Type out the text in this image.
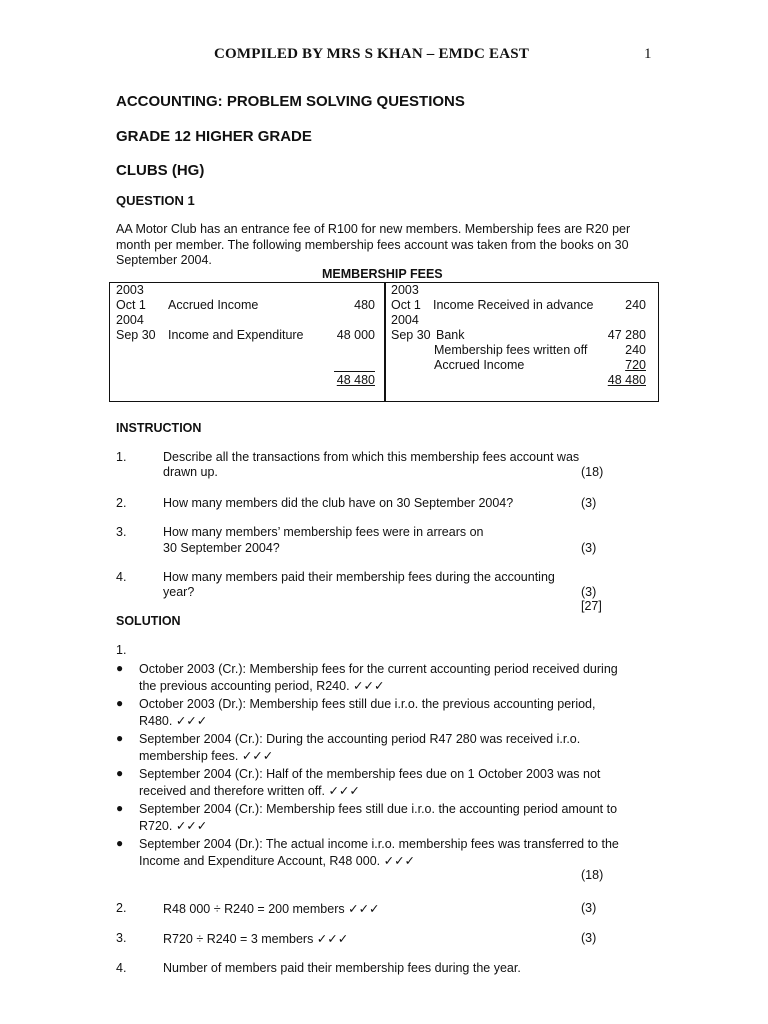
COMPILED BY MRS S KHAN – EMDC EAST	1
ACCOUNTING: PROBLEM SOLVING QUESTIONS
GRADE 12 HIGHER GRADE
CLUBS (HG)
QUESTION 1
AA Motor Club has an entrance fee of R100 for new members. Membership fees are R20 per
month per member. The following membership fees account was taken from the books on 30
September 2004.
MEMBERSHIP FEES
2003
Oct 1 Accrued Income	480
2004
Sep 30 Income and Expenditure	48 000
48 480
2003
Oct 1 Income Received in advance	240
2004
Sep 30 Bank	47 280
Membership fees written off	240
Accrued Income	720
48 480
INSTRUCTION
1.	Describe all the transactions from which this membership fees account was
drawn up.	(18)
2.	How many members did the club have on 30 September 2004?	(3)
3.	How many members’ membership fees were in arrears on
30 September 2004?	(3)
4.	How many members paid their membership fees during the accounting
year?	(3)
[27]
SOLUTION
1.
● October 2003 (Cr.): Membership fees for the current accounting period received during
the previous accounting period, R240. ✓✓✓
● October 2003 (Dr.): Membership fees still due i.r.o. the previous accounting period,
R480. ✓✓✓
● September 2004 (Cr.): During the accounting period R47 280 was received i.r.o.
membership fees. ✓✓✓
● September 2004 (Cr.): Half of the membership fees due on 1 October 2003 was not
received and therefore written off. ✓✓✓
● September 2004 (Cr.): Membership fees still due i.r.o. the accounting period amount to
R720. ✓✓✓
● September 2004 (Dr.): The actual income i.r.o. membership fees was transferred to the
Income and Expenditure Account, R48 000. ✓✓✓
(18)
2.	R48 000 ÷ R240 = 200 members ✓✓✓	(3)
3.	R720 ÷ R240 = 3 members ✓✓✓	(3)
4.	Number of members paid their membership fees during the year.
